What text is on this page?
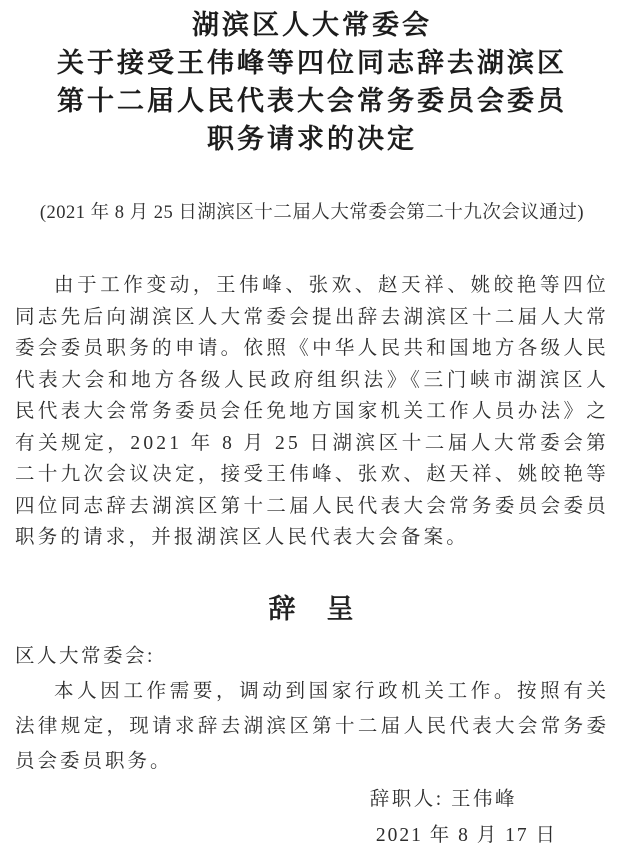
湖滨区人大常委会
关于接受王伟峰等四位同志辞去湖滨区
第十二届人民代表大会常务委员会委员
职务请求的决定

(2021 年 8 月 25 日湖滨区十二届人大常委会第二十九次会议通过)

由于工作变动，王伟峰、张欢、赵天祥、姚皎艳等四位同志先后向湖滨区人大常委会提出辞去湖滨区十二届人大常委会委员职务的申请。依照《中华人民共和国地方各级人民代表大会和地方各级人民政府组织法》《三门峡市湖滨区人民代表大会常务委员会任免地方国家机关工作人员办法》之有关规定，2021 年 8 月 25 日湖滨区十二届人大常委会第二十九次会议决定，接受王伟峰、张欢、赵天祥、姚皎艳等四位同志辞去湖滨区第十二届人民代表大会常务委员会委员职务的请求，并报湖滨区人民代表大会备案。

辞　呈

区人大常委会:

本人因工作需要，调动到国家行政机关工作。按照有关法律规定，现请求辞去湖滨区第十二届人民代表大会常务委员会委员职务。

辞职人: 王伟峰

2021 年 8 月 17 日
